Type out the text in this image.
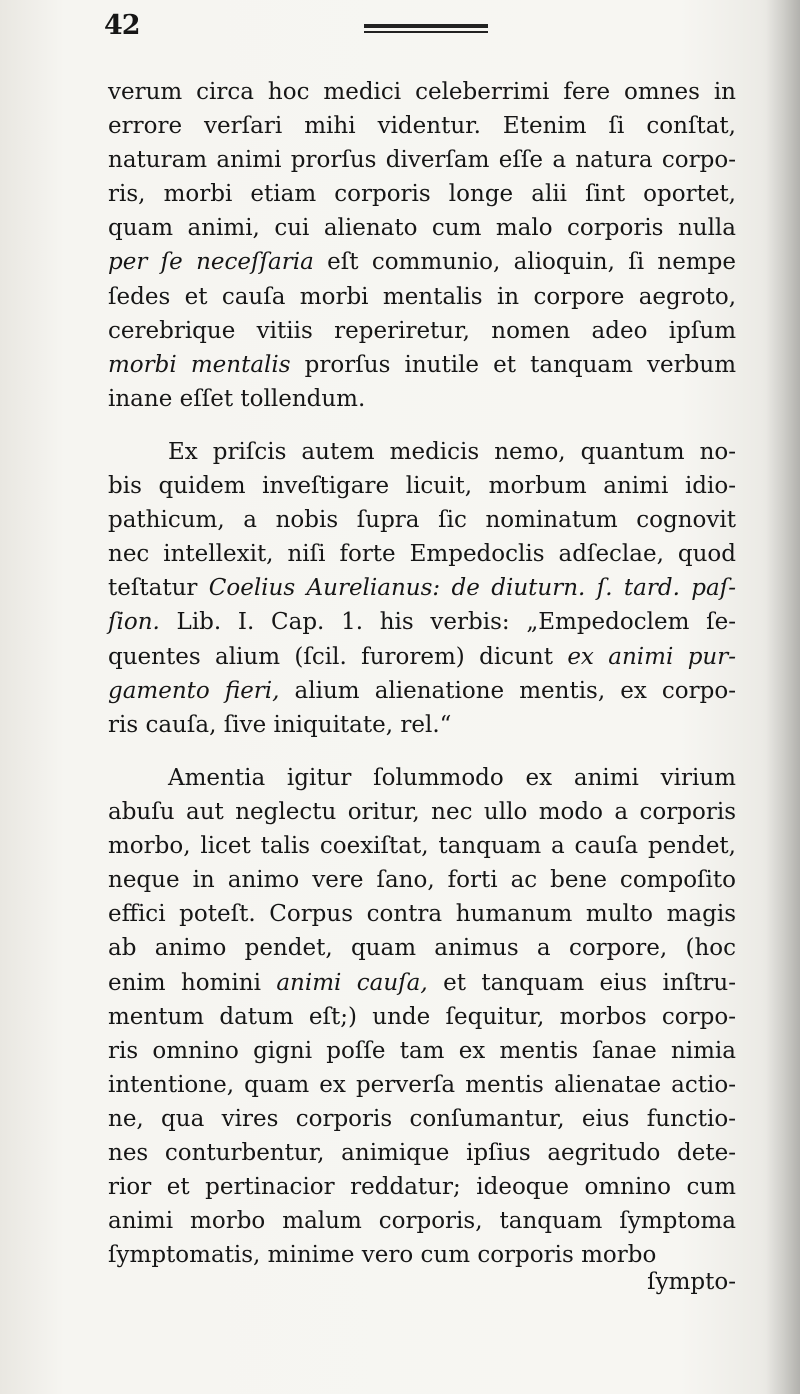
42
verum circa hoc medici celeberrimi fere omnes in
errore verſari mihi videntur. Etenim ſi conſtat,
naturam animi prorſus diverſam eſſe a natura corpo-
ris, morbi etiam corporis longe alii ſint oportet,
quam animi, cui alienato cum malo corporis nulla
per ſe neceſſaria eſt communio, alioquin, ſi nempe
ſedes et cauſa morbi mentalis in corpore aegroto,
cerebrique vitiis reperiretur, nomen adeo ipſum
morbi mentalis prorſus inutile et tanquam verbum
inane eſſet tollendum.
Ex priſcis autem medicis nemo, quantum no-
bis quidem inveſtigare licuit, morbum animi idio-
pathicum, a nobis ſupra ſic nominatum cognovit
nec intellexit, niſi forte Empedoclis adſeclae, quod
teſtatur Coelius Aurelianus: de diuturn. ſ. tard. paſ-
ſion. Lib. I. Cap. 1. his verbis: „Empedoclem ſe-
quentes alium (ſcil. furorem) dicunt ex animi pur-
gamento fieri, alium alienatione mentis, ex corpo-
ris cauſa, ſive iniquitate, rel.“
Amentia igitur ſolummodo ex animi virium
abuſu aut neglectu oritur, nec ullo modo a corporis
morbo, licet talis coexiſtat, tanquam a cauſa pendet,
neque in animo vere ſano, forti ac bene compoſito
effici poteſt. Corpus contra humanum multo magis
ab animo pendet, quam animus a corpore, (hoc
enim homini animi cauſa, et tanquam eius inſtru-
mentum datum eſt;) unde ſequitur, morbos corpo-
ris omnino gigni poſſe tam ex mentis ſanae nimia
intentione, quam ex perverſa mentis alienatae actio-
ne, qua vires corporis conſumantur, eius functio-
nes conturbentur, animique ipſius aegritudo dete-
rior et pertinacior reddatur; ideoque omnino cum
animi morbo malum corporis, tanquam ſymptoma
ſymptomatis, minime vero cum corporis morbo
ſympto-
